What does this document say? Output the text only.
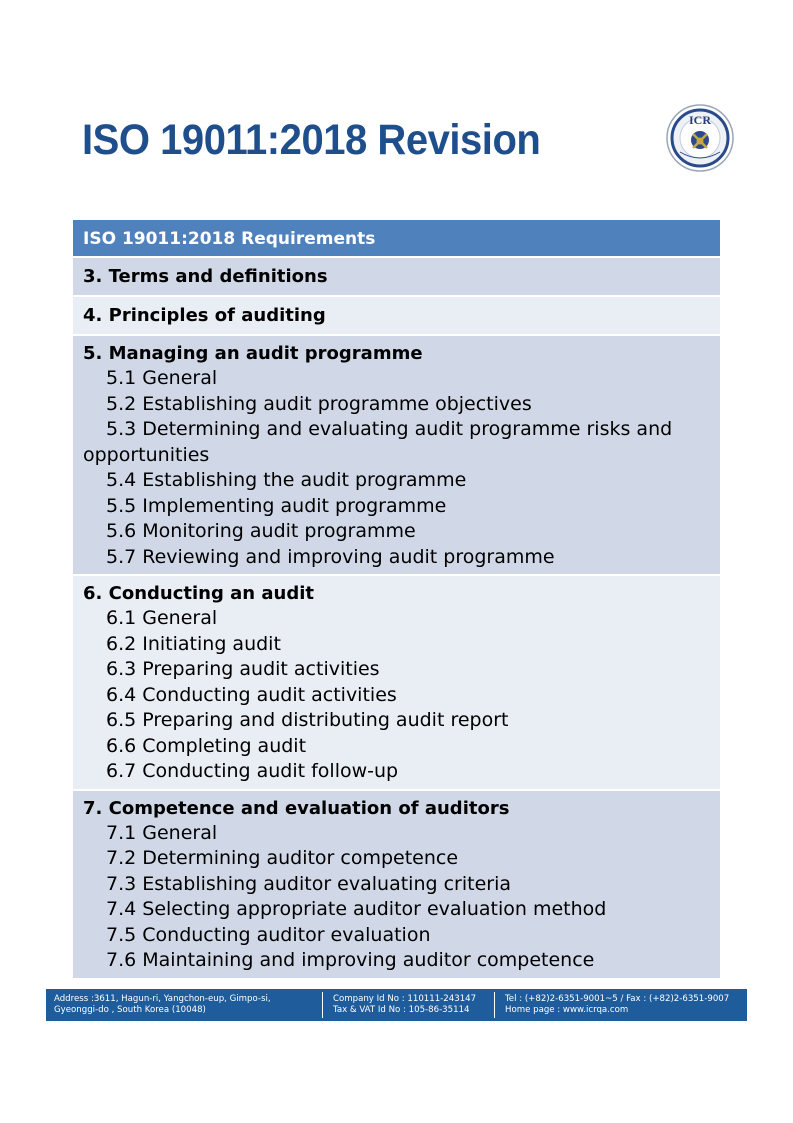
ISO 19011:2018 Revision	ICR
ISO 19011:2018 Requirements
3. Terms and definitions
4. Principles of auditing
5. Managing an audit programme
5.1 General
5.2 Establishing audit programme objectives
5.3 Determining and evaluating audit programme risks and opportunities
5.4 Establishing the audit programme
5.5 Implementing audit programme
5.6 Monitoring audit programme
5.7 Reviewing and improving audit programme
6. Conducting an audit
6.1 General
6.2 Initiating audit
6.3 Preparing audit activities
6.4 Conducting audit activities
6.5 Preparing and distributing audit report
6.6 Completing audit
6.7 Conducting audit follow-up
7. Competence and evaluation of auditors
7.1 General
7.2 Determining auditor competence
7.3 Establishing auditor evaluating criteria
7.4 Selecting appropriate auditor evaluation method
7.5 Conducting auditor evaluation
7.6 Maintaining and improving auditor competence
Address :3611, Hagun-ri, Yangchon-eup, Gimpo-si,
Gyeonggi-do , South Korea (10048)
Company Id No : 110111-243147
Tax & VAT Id No : 105-86-35114
Tel : (+82)2-6351-9001~5 / Fax : (+82)2-6351-9007
Home page : www.icrqa.com
